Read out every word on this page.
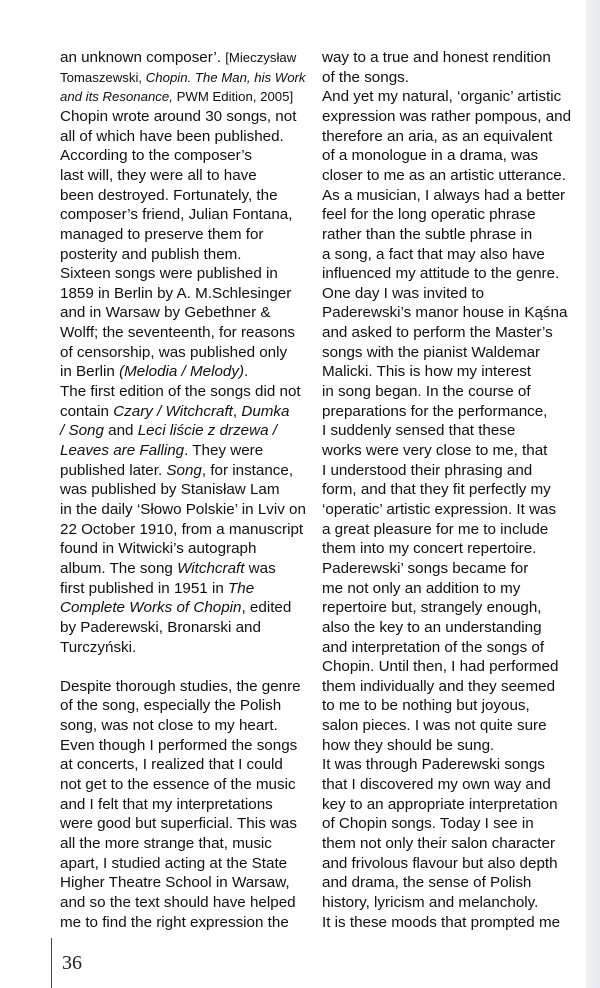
an unknown composer’. [Mieczysław
Tomaszewski, Chopin. The Man, his Work
and its Resonance, PWM Edition, 2005]
Chopin wrote around 30 songs, not
all of which have been published.
According to the composer’s
last will, they were all to have
been destroyed. Fortunately, the
composer’s friend, Julian Fontana,
managed to preserve them for
posterity and publish them.
Sixteen songs were published in
1859 in Berlin by A. M.Schlesinger
and in Warsaw by Gebethner &
Wolff; the seventeenth, for reasons
of censorship, was published only
in Berlin (Melodia / Melody).
The first edition of the songs did not
contain Czary / Witchcraft, Dumka
/ Song and Leci liście z drzewa /
Leaves are Falling. They were
published later. Song, for instance,
was published by Stanisław Lam
in the daily ‘Słowo Polskie’ in Lviv on
22 October 1910, from a manuscript
found in Witwicki’s autograph
album. The song Witchcraft was
first published in 1951 in The
Complete Works of Chopin, edited
by Paderewski, Bronarski and
Turczyński.
Despite thorough studies, the genre
of the song, especially the Polish
song, was not close to my heart.
Even though I performed the songs
at concerts, I realized that I could
not get to the essence of the music
and I felt that my interpretations
were good but superficial. This was
all the more strange that, music
apart, I studied acting at the State
Higher Theatre School in Warsaw,
and so the text should have helped
me to find the right expression the
way to a true and honest rendition
of the songs.
And yet my natural, ‘organic’ artistic
expression was rather pompous, and
therefore an aria, as an equivalent
of a monologue in a drama, was
closer to me as an artistic utterance.
As a musician, I always had a better
feel for the long operatic phrase
rather than the subtle phrase in
a song, a fact that may also have
influenced my attitude to the genre.
One day I was invited to
Paderewski’s manor house in Kąśna
and asked to perform the Master’s
songs with the pianist Waldemar
Malicki. This is how my interest
in song began. In the course of
preparations for the performance,
I suddenly sensed that these
works were very close to me, that
I understood their phrasing and
form, and that they fit perfectly my
‘operatic’ artistic expression. It was
a great pleasure for me to include
them into my concert repertoire.
Paderewski’ songs became for
me not only an addition to my
repertoire but, strangely enough,
also the key to an understanding
and interpretation of the songs of
Chopin. Until then, I had performed
them individually and they seemed
to me to be nothing but joyous,
salon pieces. I was not quite sure
how they should be sung.
It was through Paderewski songs
that I discovered my own way and
key to an appropriate interpretation
of Chopin songs. Today I see in
them not only their salon character
and frivolous flavour but also depth
and drama, the sense of Polish
history, lyricism and melancholy.
It is these moods that prompted me
36
